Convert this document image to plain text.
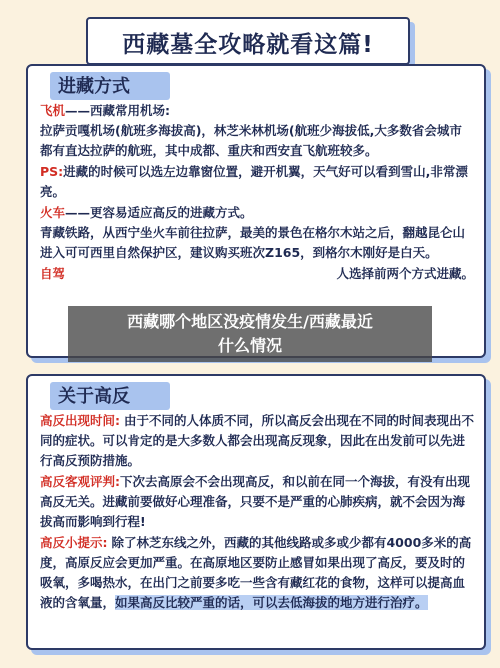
西藏墓全攻略就看这篇!
进藏方式

飞机——西藏常用机场:
拉萨贡嘎机场(航班多海拔高)，林芝米林机场(航班少海拔低,大多数省会城市都有直达拉萨的航班，其中成都、重庆和西安直飞航班较多。

PS:进藏的时候可以选左边靠窗位置，避开机翼，天气好可以看到雪山,非常漂亮。

火车——更容易适应高反的进藏方式。
青藏铁路，从西宁坐火车前往拉萨，最美的景色在格尔木站之后，翻越昆仑山进入可可西里自然保护区，建议购买班次Z165，到格尔木刚好是白天。

自驾	人选择前两个方式进藏。

关于高反

高反出现时间: 由于不同的人体质不同，所以高反会出现在不同的时间表现出不同的症状。可以肯定的是大多数人都会出现高反现象，因此在出发前可以先进行高反预防措施。

高反客观评判:下次去高原会不会出现高反，和以前在同一个海拔，有没有出现高反无关。进藏前要做好心理准备，只要不是严重的心肺疾病，就不会因为海拔高而影响到行程!

高反小提示: 除了林芝东线之外，西藏的其他线路或多或少都有4000多米的高度，高原反应会更加严重。在高原地区要防止感冒如果出现了高反，要及时的吸氧，多喝热水，在出门之前要多吃一些含有藏红花的食物，这样可以提高血液的含氧量，如果高反比较严重的话，可以去低海拔的地方进行治疗。

西藏哪个地区没疫情发生/西藏最近
什么情况
